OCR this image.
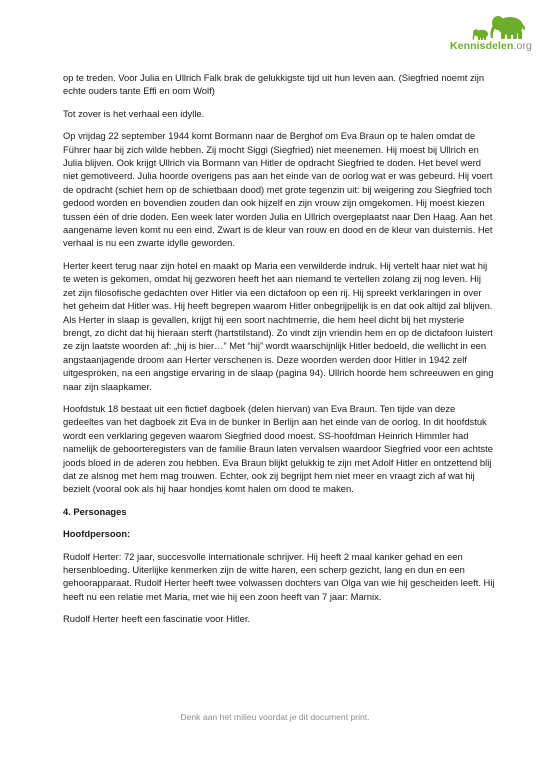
Kennisdelen.org

op te treden. Voor Julia en Ullrich Falk brak de gelukkigste tijd uit hun leven aan. (Siegfried noemt zijn echte ouders tante Effi en oom Wolf)

Tot zover is het verhaal een idylle.

Op vrijdag 22 september 1944 komt Bormann naar de Berghof om Eva Braun op te halen omdat de Führer haar bij zich wilde hebben. Zij mocht Siggi (Siegfried) niet meenemen. Hij moest bij Ullrich en Julia blijven. Ook krijgt Ullrich via Bormann van Hitler de opdracht Siegfried te doden. Het bevel werd niet gemotiveerd. Julia hoorde overigens pas aan het einde van de oorlog wat er was gebeurd. Hij voert de opdracht (schiet hem op de schietbaan dood) met grote tegenzin uit: bij weigering zou Siegfried toch gedood worden en bovendien zouden dan ook hijzelf en zijn vrouw zijn omgekomen. Hij moest kiezen tussen één of drie doden. Een week later worden Julia en Ullrich overgeplaatst naar Den Haag. Aan het aangename leven komt nu een eind. Zwart is de kleur van rouw en dood en de kleur van duisternis. Het verhaal is nu een zwarte idylle geworden.

Herter keert terug naar zijn hotel en maakt op Maria een verwilderde indruk. Hij vertelt haar niet wat hij te weten is gekomen, omdat hij gezworen heeft het aan niemand te vertellen zolang zij nog leven. Hij zet zijn filosofische gedachten over Hitler via een dictafoon op een rij. Hij spreekt verklaringen in over het geheim dat Hitler was. Hij heeft begrepen waarom Hitler onbegrijpelijk is en dat ook altijd zal blijven. Als Herter in slaap is gevallen, krijgt hij een soort nachtmerrie, die hem heel dicht bij het mysterie brengt, zo dicht dat hij hieraan sterft (hartstilstand). Zo vindt zijn vriendin hem en op de dictafoon luistert ze zijn laatste woorden af: „hij is hier…” Met “hij” wordt waarschijnlijk Hitler bedoeld, die wellicht in een angstaanjagende droom aan Herter verschenen is. Deze woorden werden door Hitler in 1942 zelf uitgesproken, na een angstige ervaring in de slaap (pagina 94). Ullrich hoorde hem schreeuwen en ging naar zijn slaapkamer.

Hoofdstuk 18 bestaat uit een fictief dagboek (delen hiervan) van Eva Braun. Ten tijde van deze gedeeltes van het dagboek zit Eva in de bunker in Berlijn aan het einde van de oorlog. In dit hoofdstuk wordt een verklaring gegeven waarom Siegfried dood moest. SS-hoofdman Heinrich Himmler had namelijk de geboorteregisters van de familie Braun laten vervalsen waardoor Siegfried voor een achtste joods bloed in de aderen zou hebben. Eva Braun blijkt gelukkig te zijn met Adolf Hitler en ontzettend blij dat ze alsnog met hem mag trouwen. Echter, ook zij begrijpt hem niet meer en vraagt zich af wat hij bezielt (vooral ook als hij haar hondjes komt halen om dood te maken.

4. Personages
Hoofdpersoon:

Rudolf Herter: 72 jaar, succesvolle internationale schrijver. Hij heeft 2 maal kanker gehad en een hersenbloeding. Uiterlijke kenmerken zijn de witte haren, een scherp gezicht, lang en dun en een gehoorapparaat. Rudolf Herter heeft twee volwassen dochters van Olga van wie hij gescheiden leeft. Hij heeft nu een relatie met Maria, met wie hij een zoon heeft van 7 jaar: Marnix.

Rudolf Herter heeft een fascinatie voor Hitler.

Denk aan het milieu voordat je dit document print.
